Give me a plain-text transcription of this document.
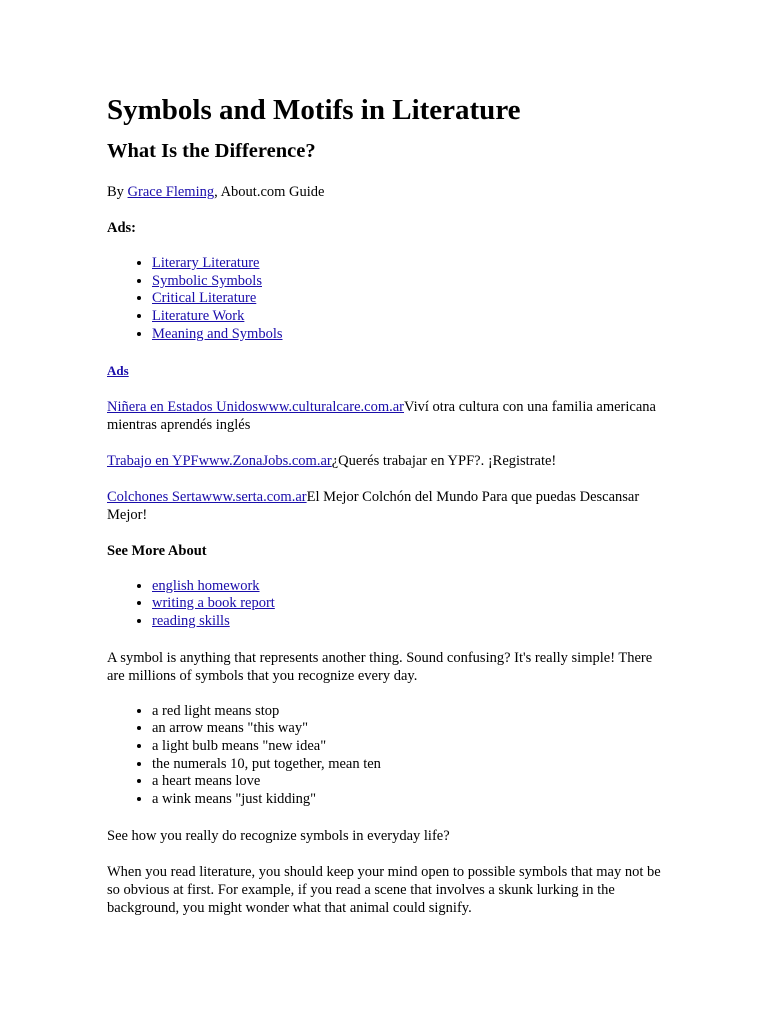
Symbols and Motifs in Literature
What Is the Difference?

By Grace Fleming, About.com Guide

Ads:

• Literary Literature
• Symbolic Symbols
• Critical Literature
• Literature Work
• Meaning and Symbols

Ads

Niñera en Estados Unidoswww.culturalcare.com.arViví otra cultura con una familia americana mientras aprendés inglés

Trabajo en YPFwww.ZonaJobs.com.ar¿Querés trabajar en YPF?. ¡Registrate!

Colchones Sertawww.serta.com.arEl Mejor Colchón del Mundo Para que puedas Descansar Mejor!

See More About

• english homework
• writing a book report
• reading skills

A symbol is anything that represents another thing. Sound confusing? It's really simple! There are millions of symbols that you recognize every day.

• a red light means stop
• an arrow means "this way"
• a light bulb means "new idea"
• the numerals 10, put together, mean ten
• a heart means love
• a wink means "just kidding"

See how you really do recognize symbols in everyday life?

When you read literature, you should keep your mind open to possible symbols that may not be so obvious at first. For example, if you read a scene that involves a skunk lurking in the background, you might wonder what that animal could signify.
